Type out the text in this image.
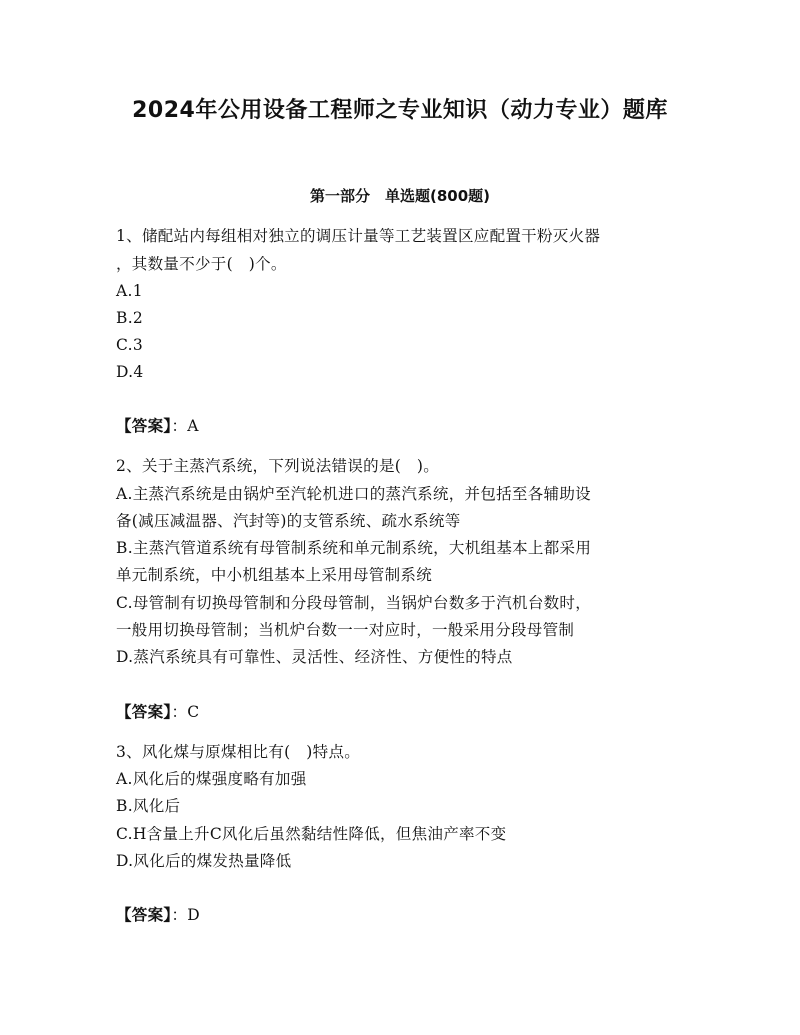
2024年公用设备工程师之专业知识（动力专业）题库
第一部分　单选题(800题)
1、储配站内每组相对独立的调压计量等工艺装置区应配置干粉灭火器
，其数量不少于(　)个。
A.1
B.2
C.3
D.4
【答案】：A
2、关于主蒸汽系统，下列说法错误的是(　)。
A.主蒸汽系统是由锅炉至汽轮机进口的蒸汽系统，并包括至各辅助设
备(减压减温器、汽封等)的支管系统、疏水系统等
B.主蒸汽管道系统有母管制系统和单元制系统，大机组基本上都采用
单元制系统，中小机组基本上采用母管制系统
C.母管制有切换母管制和分段母管制，当锅炉台数多于汽机台数时，
一般用切换母管制；当机炉台数一一对应时，一般采用分段母管制
D.蒸汽系统具有可靠性、灵活性、经济性、方便性的特点
【答案】：C
3、风化煤与原煤相比有(　)特点。
A.风化后的煤强度略有加强
B.风化后
C.H含量上升C风化后虽然黏结性降低，但焦油产率不变
D.风化后的煤发热量降低
【答案】：D
